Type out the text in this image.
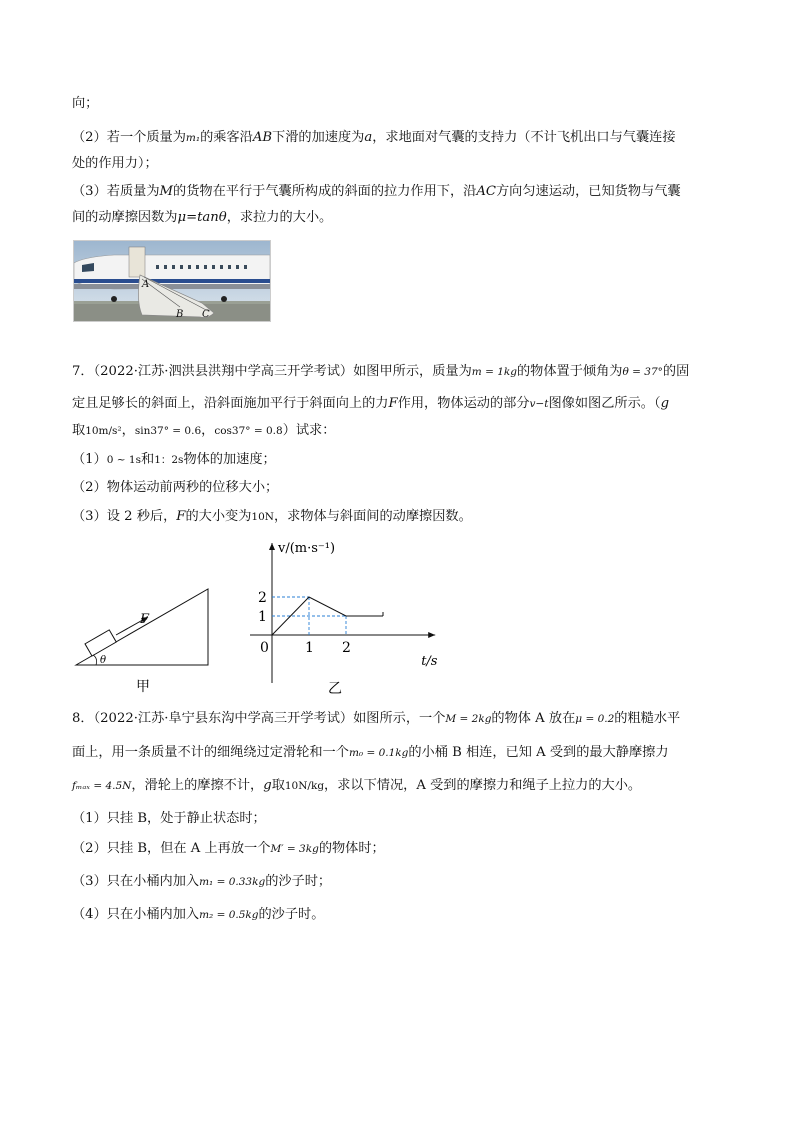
向；
（2）若一个质量为m₁的乘客沿AB下滑的加速度为a，求地面对气囊的支持力（不计飞机出口与气囊连接
处的作用力）；
（3）若质量为M的货物在平行于气囊所构成的斜面的拉力作用下，沿AC方向匀速运动，已知货物与气囊
间的动摩擦因数为μ=tanθ，求拉力的大小。
A
B C
7．（2022·江苏·泗洪县洪翔中学高三开学考试）如图甲所示，质量为m = 1kg的物体置于倾角为θ = 37°的固
定且足够长的斜面上，沿斜面施加平行于斜面向上的力F作用，物体运动的部分v−t图像如图乙所示。（g
取10m/s²，sin37° = 0.6，cos37° = 0.8）试求：
（1）0 ~ 1s和1：2s物体的加速度；
（2）物体运动前两秒的位移大小；
（3）设 2 秒后，F的大小变为10N，求物体与斜面间的动摩擦因数。
F
θ
甲
0	1 2
1
2
v/(m·s⁻¹)
t/s
乙
8．（2022·江苏·阜宁县东沟中学高三开学考试）如图所示，一个M = 2kg的物体 A 放在μ = 0.2的粗糙水平
面上，用一条质量不计的细绳绕过定滑轮和一个m₀ = 0.1kg的小桶 B 相连，已知 A 受到的最大静摩擦力
fₘₐₓ = 4.5N，滑轮上的摩擦不计，g取10N/kg，求以下情况，A 受到的摩擦力和绳子上拉力的大小。
（1）只挂 B，处于静止状态时；
（2）只挂 B，但在 A 上再放一个M′ = 3kg的物体时；
（3）只在小桶内加入m₁ = 0.33kg的沙子时；
（4）只在小桶内加入m₂ = 0.5kg的沙子时。
